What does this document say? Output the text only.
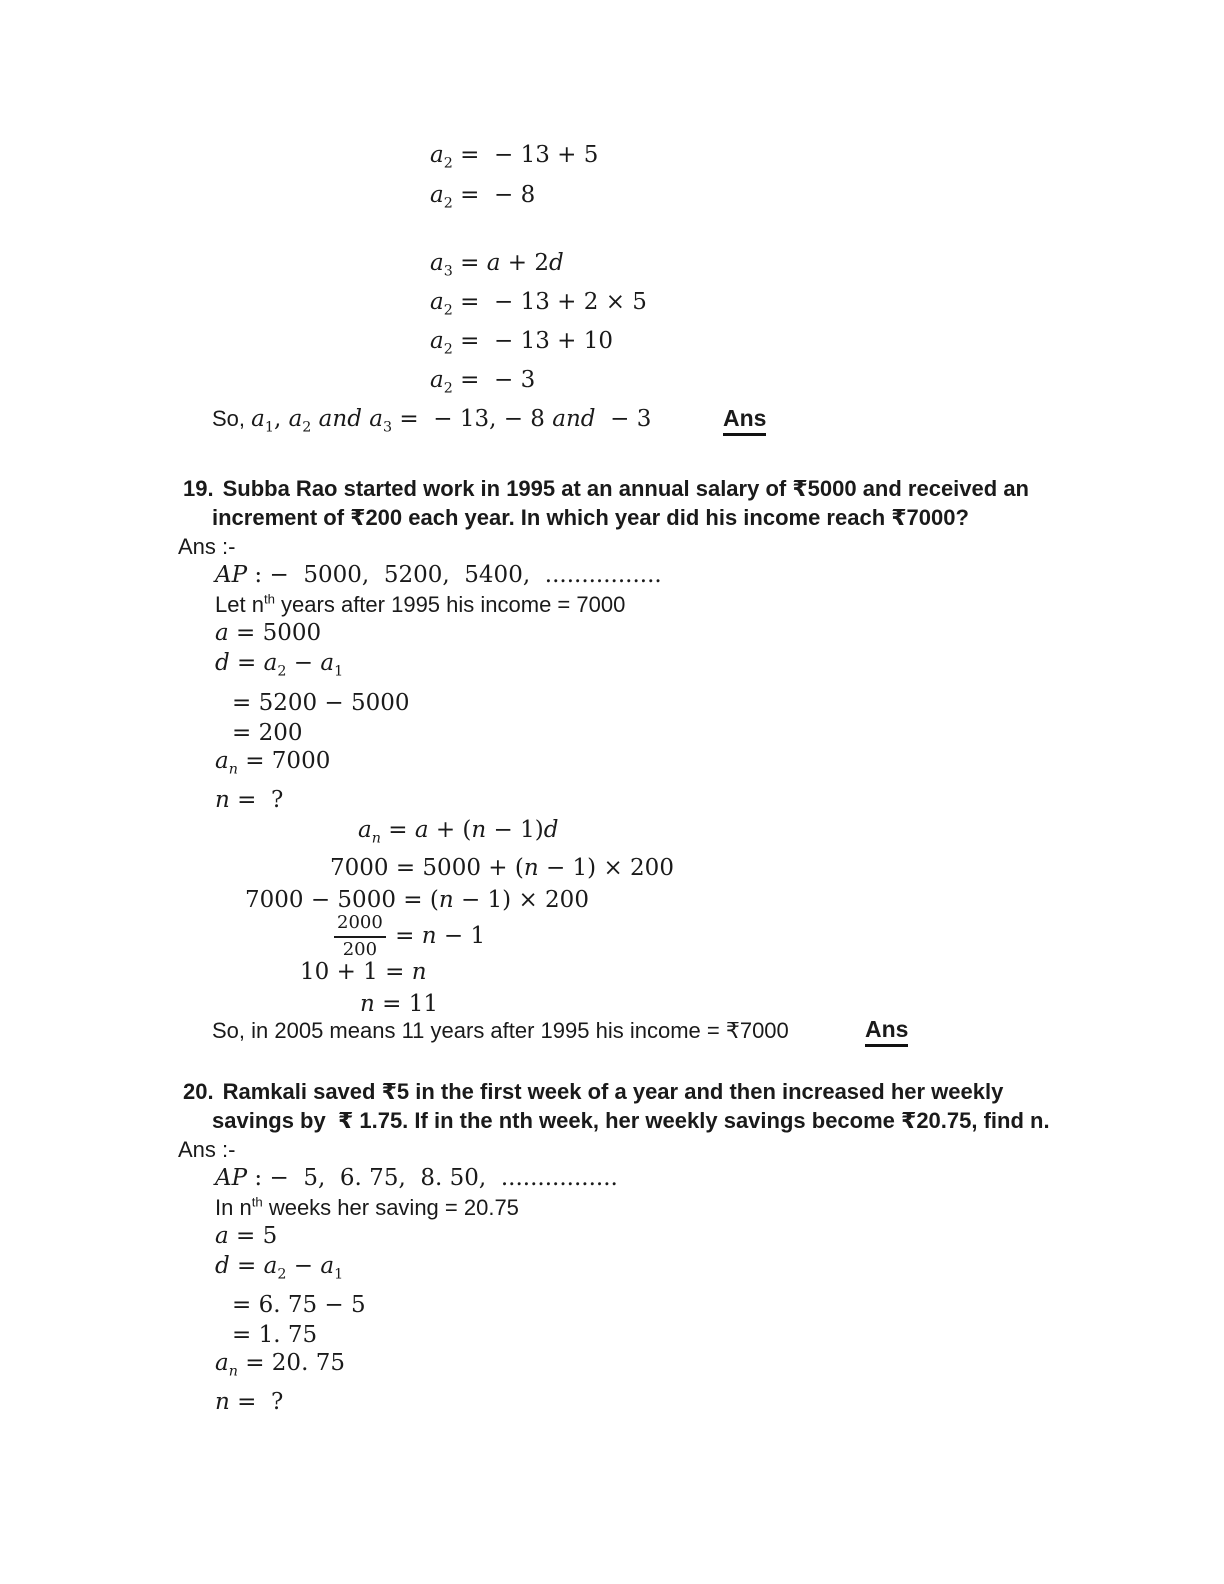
$a_2$ =  − 13 + 5
$a_2$ =  − 8
$a_3 = a + 2d$
$a_2$ =  − 13 + 2 × 5
$a_2$ =  − 13 + 10
$a_2$ =  − 3
So, $a_1$, $a_2$ and $a_3$ =  − 13, − 8 and  − 3	Ans
19. Subba Rao started work in 1995 at an annual salary of ₹5000 and received an
increment of ₹200 each year. In which year did his income reach ₹7000?
Ans :-
AP : −  5000,  5200,  5400,  ................
Let $n^{th}$ years after 1995 his income = 7000
a = 5000
$d = a_2 - a_1$
= 5200 − 5000
= 200
$a_n = 7000$
n =  ?
$a_n = a + (n - 1)d$
7000 = 5000 + (n − 1) × 200
7000 − 5000 = (n − 1) × 200
$\frac{2000}{200} = n - 1$
10 + 1 = n
n = 11
So, in 2005 means 11 years after 1995 his income = ₹7000	Ans
20. Ramkali saved ₹5 in the first week of a year and then increased her weekly
savings by  ₹ 1.75. If in the nth week, her weekly savings become ₹20.75, find n.
Ans :-
AP : −  5,  6. 75,  8. 50,  ................
In $n^{th}$ weeks her saving = 20.75
a = 5
$d = a_2 - a_1$
= 6. 75 − 5
= 1. 75
$a_n = 20$. 75
n =  ?
